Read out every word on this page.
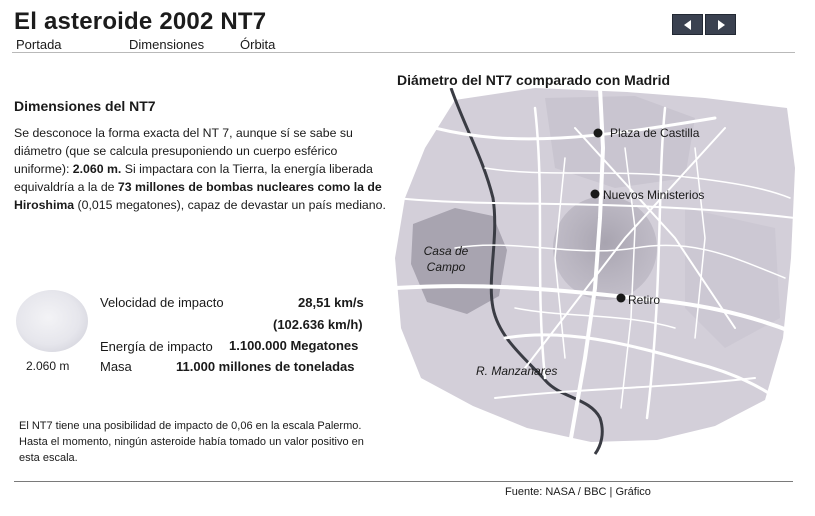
El asteroide 2002 NT7
Portada	Dimensiones	Órbita
Dimensiones del NT7

Se desconoce la forma exacta del NT 7, aunque sí se sabe su diámetro (que se calcula presuponiendo un cuerpo esférico uniforme): 2.060 m. Si impactara con la Tierra, la energía liberada equivaldría a la de 73 millones de bombas nucleares como la de Hiroshima (0,015 megatones), capaz de devastar un país mediano.

2.060 m
Velocidad de impacto	28,51 km/s
(102.636 km/h)
Energía de impacto 1.100.000 Megatones
Masa	11.000 millones de toneladas

El NT7 tiene una posibilidad de impacto de 0,06 en la escala Palermo. Hasta el momento, ningún asteroide había tomado un valor positivo en esta escala.

Diámetro del NT7 comparado con Madrid
Plaza de Castilla
Nuevos Ministerios
Retiro
Casa de Campo
R. Manzanares
Fuente: NASA / BBC | Gráfico
